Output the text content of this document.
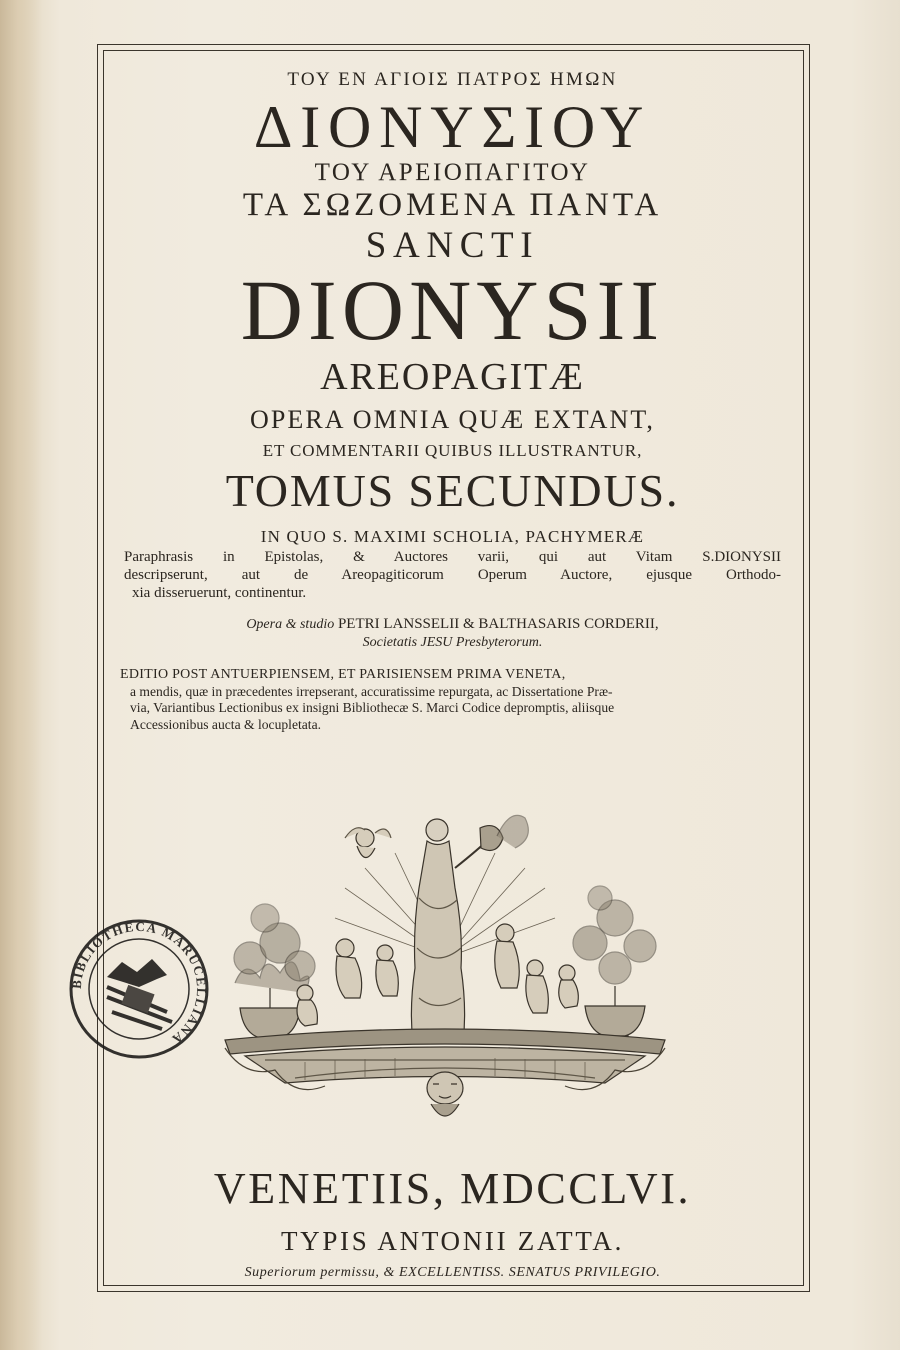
ΤΟΥ ΕΝ ΑΓΙΟΙΣ ΠΑΤΡΟΣ ΗΜΩΝ

ΔΙΟΝΥΣΙΟΥ

ΤΟΥ ΑΡΕΙΟΠΑΓΙΤΟΥ

ΤΑ ΣΩΖΟΜΕΝΑ ΠΑΝΤΑ

SANCTI

DIONYSII

AREOPAGITÆ

OPERA OMNIA QUÆ EXTANT,

ET COMMENTARII QUIBUS ILLUSTRANTUR,

TOMUS SECUNDUS.

IN QUO S. MAXIMI SCHOLIA, PACHYMERÆ

Paraphrasis in Epistolas, & Auctores varii, qui aut Vitam S.DIONYSII
descripserunt, aut de Areopagiticorum Operum Auctore, ejusque Orthodo-
xia disseruerunt, continentur.
Opera & studio PETRI LANSSELII & BALTHASARIS CORDERII,
Societatis JESU Presbyterorum.
EDITIO POST ANTUERPIENSEM, ET PARISIENSEM PRIMA VENETA,
a mendis, quæ in præcedentes irrepserant, accuratissime repurgata, ac Dissertatione Præ-
via, Variantibus Lectionibus ex insigni Bibliothecæ S. Marci Codice depromptis, aliisque
Accessionibus aucta & locupletata.
BIBLIOTHECA MARUCELLIANA

VENETIIS, MDCCLVI.

TYPIS ANTONII ZATTA.

Superiorum permissu, & EXCELLENTISS. SENATUS PRIVILEGIO.
